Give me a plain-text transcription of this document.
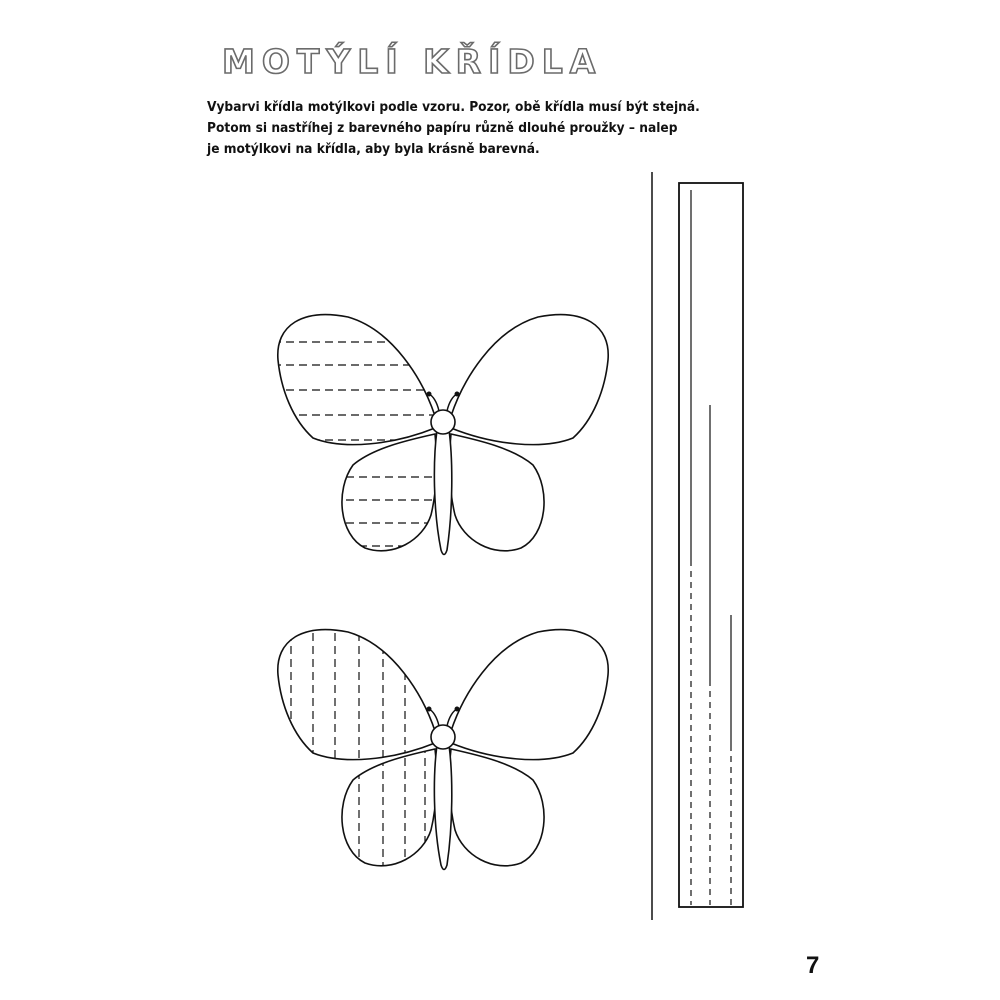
MOTÝLÍ KŘÍDLA
Vybarvi křídla motýlkovi podle vzoru. Pozor, obě křídla musí být stejná.
Potom si nastříhej z barevného papíru různě dlouhé proužky – nalep
je motýlkovi na křídla, aby byla krásně barevná.
7
